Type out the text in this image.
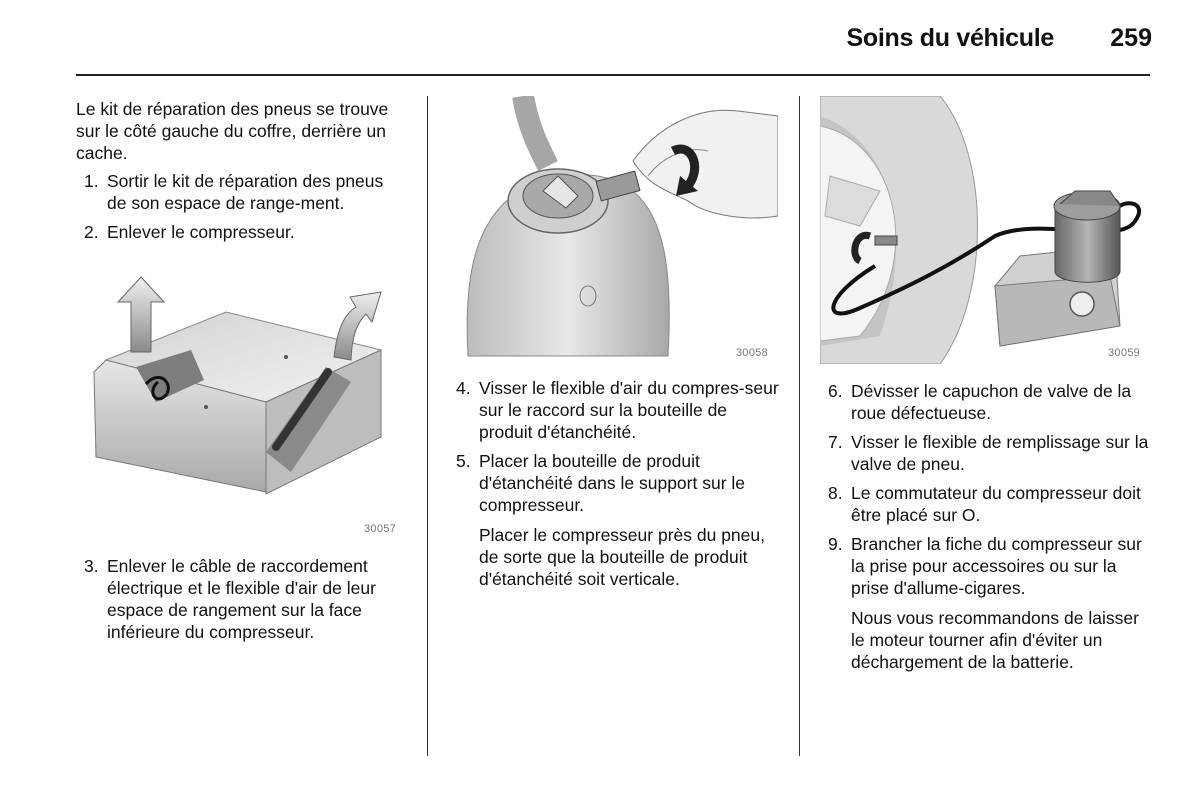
Soins du véhicule	259

Le kit de réparation des pneus se trouve sur le côté gauche du coffre, derrière un cache.

1. Sortir le kit de réparation des pneus de son espace de range-ment.
2. Enlever le compresseur.
30057
3. Enlever le câble de raccordement électrique et le flexible d'air de leur espace de rangement sur la face inférieure du compresseur.
30058
4. Visser le flexible d'air du compres-seur sur le raccord sur la bouteille de produit d'étanchéité.
5. Placer la bouteille de produit d'étanchéité dans le support sur le compresseur.
Placer le compresseur près du pneu, de sorte que la bouteille de produit d'étanchéité soit verticale.
30059
6. Dévisser le capuchon de valve de la roue défectueuse.
7. Visser le flexible de remplissage sur la valve de pneu.
8. Le commutateur du compresseur doit être placé sur O.
9. Brancher la fiche du compresseur sur la prise pour accessoires ou sur la prise d'allume-cigares.
Nous vous recommandons de laisser le moteur tourner afin d'éviter un déchargement de la batterie.
